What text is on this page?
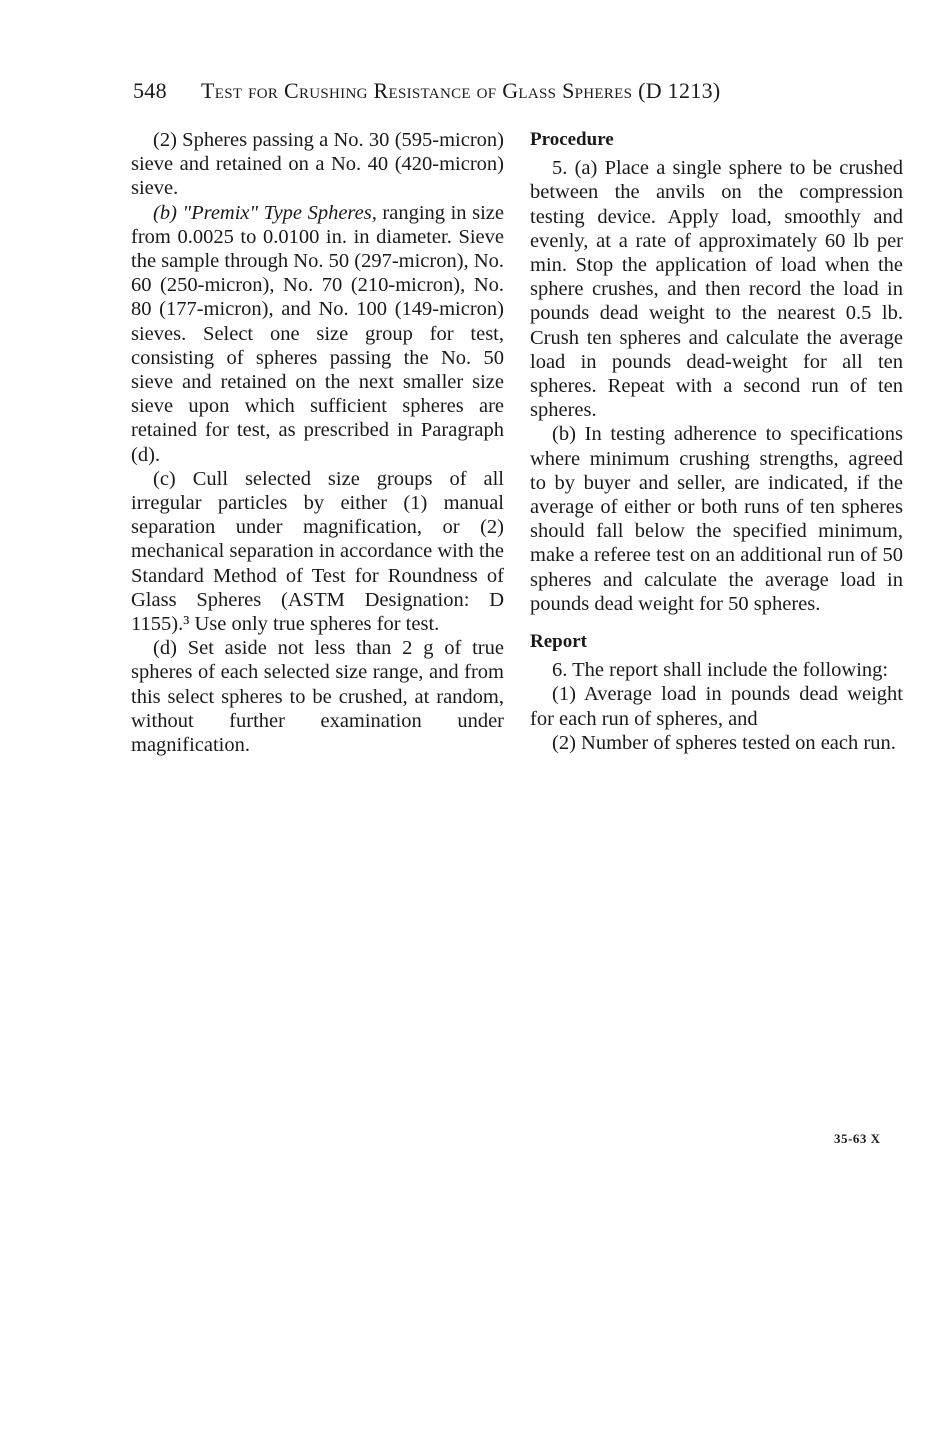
548 Test for Crushing Resistance of Glass Spheres (D 1213)

(2) Spheres passing a No. 30 (595-micron) sieve and retained on a No. 40 (420-micron) sieve.

(b) "Premix" Type Spheres, ranging in size from 0.0025 to 0.0100 in. in diameter. Sieve the sample through No. 50 (297-micron), No. 60 (250-micron), No. 70 (210-micron), No. 80 (177-micron), and No. 100 (149-micron) sieves. Select one size group for test, consisting of spheres passing the No. 50 sieve and retained on the next smaller size sieve upon which sufficient spheres are retained for test, as prescribed in Paragraph (d).

(c) Cull selected size groups of all irregular particles by either (1) manual separation under magnification, or (2) mechanical separation in accordance with the Standard Method of Test for Roundness of Glass Spheres (ASTM Designation: D 1155).³ Use only true spheres for test.

(d) Set aside not less than 2 g of true spheres of each selected size range, and from this select spheres to be crushed, at random, without further examination under magnification.

Procedure

5. (a) Place a single sphere to be crushed between the anvils on the compression testing device. Apply load, smoothly and evenly, at a rate of approximately 60 lb per min. Stop the application of load when the sphere crushes, and then record the load in pounds dead weight to the nearest 0.5 lb. Crush ten spheres and calculate the average load in pounds dead-weight for all ten spheres. Repeat with a second run of ten spheres.

(b) In testing adherence to specifications where minimum crushing strengths, agreed to by buyer and seller, are indicated, if the average of either or both runs of ten spheres should fall below the specified minimum, make a referee test on an additional run of 50 spheres and calculate the average load in pounds dead weight for 50 spheres.

Report

6. The report shall include the following:

(1) Average load in pounds dead weight for each run of spheres, and

(2) Number of spheres tested on each run.

35-63 X
